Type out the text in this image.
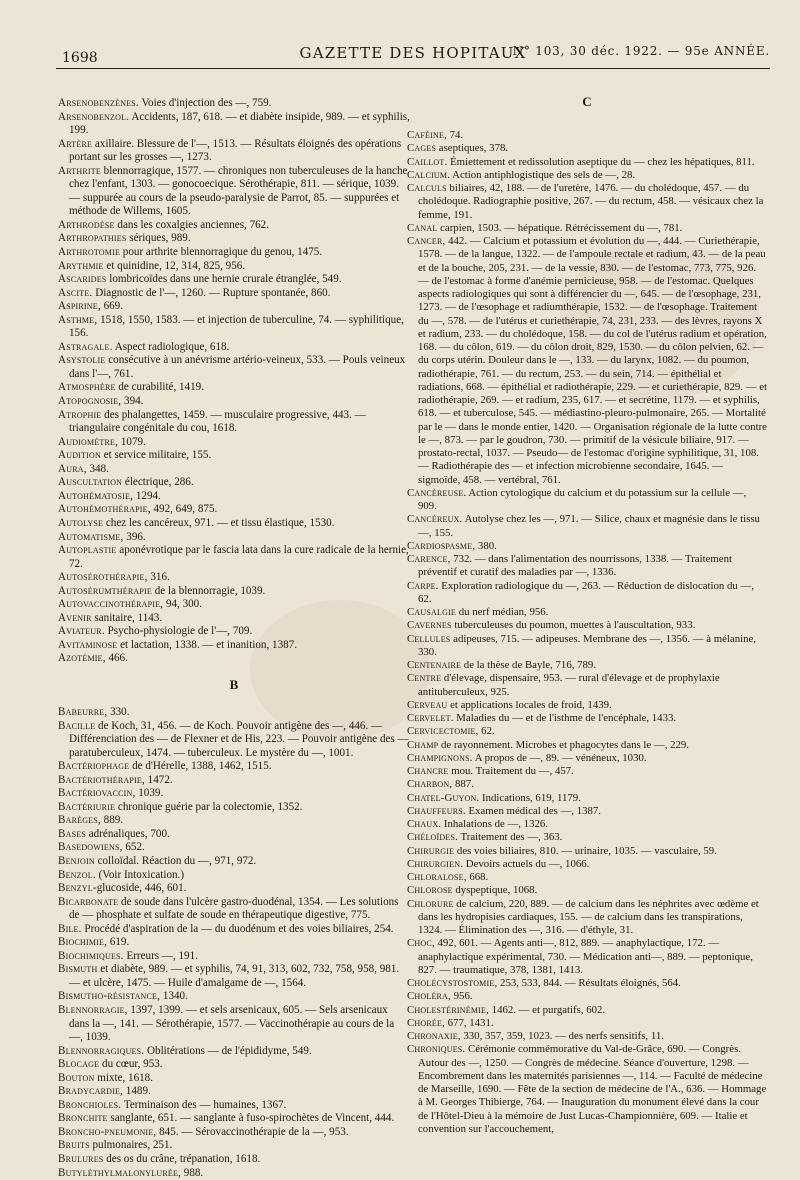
1698	GAZETTE DES HOPITAUX
N° 103, 30 déc. 1922. — 95e ANNÉE.

Arsenobenzènes. Voies d'injection des —, 759.

Arsenobenzol. Accidents, 187, 618. — et diabète insipide, 989. — et syphilis, 199.

Artère axillaire. Blessure de l'—, 1513. — Résultats éloignés des opérations portant sur les grosses —, 1273.

Arthrite blennorragique, 1577. — chroniques non tuberculeuses de la hanche chez l'enfant, 1303. — gonocoecique. Sérothérapie, 811. — sérique, 1039. — suppurée au cours de la pseudo-paralysie de Parrot, 85. — suppurées et méthode de Willems, 1605.

Arthrodèse dans les coxalgies anciennes, 762.

Arthropathies sériques, 989.

Arthrotomie pour arthrite blennorragique du genou, 1475.

Arythmie et quinidine, 12, 314, 825, 956.

Ascarides lombricoïdes dans une hernie crurale étranglée, 549.

Ascite. Diagnostic de l'—, 1260. — Rupture spontanée, 860.

Aspirine, 669.

Asthme, 1518, 1550, 1583. — et injection de tuberculine, 74. — syphilitique, 156.

Astragale. Aspect radiologique, 618.

Asystolie consécutive à un anévrisme artério-veineux, 533. — Pouls veineux dans l'—, 761.

Atmosphère de curabilité, 1419.

Atopognosie, 394.

Atrophie des phalangettes, 1459. — musculaire progressive, 443. — triangulaire congénitale du cou, 1618.

Audiomètre, 1079.

Audition et service militaire, 155.

Aura, 348.

Auscultation électrique, 286.

Autohématosie, 1294.

Autohémothérapie, 492, 649, 875.

Autolyse chez les cancéreux, 971. — et tissu élastique, 1530.

Automatisme, 396.

Autoplastie aponévrotique par le fascia lata dans la cure radicale de la hernie, 72.

Autosérothérapie, 316.

Autosérumthérapie de la blennorragie, 1039.

Autovaccinothérapie, 94, 300.

Avenir sanitaire, 1143.

Aviateur. Psycho-physiologie de l'—, 709.

Avitaminose et lactation, 1338. — et inanition, 1387.

Azotémie, 466.

B

Babeurre, 330.

Bacille de Koch, 31, 456. — de Koch. Pouvoir antigène des —, 446. — Différenciation des — de Flexner et de His, 223. — Pouvoir antigène des — paratuberculeux, 1474. — tuberculeux. Le mystère du —, 1001.

Bactériophage de d'Hérelle, 1388, 1462, 1515.

Bactériothérapie, 1472.

Bactériovaccin, 1039.

Bactériurie chronique guérie par la colectomie, 1352.

Barèges, 889.

Bases adrénaliques, 700.

Basedowiens, 652.

Benjoin colloïdal. Réaction du —, 971, 972.

Benzol. (Voir Intoxication.)

Benzyl-glucoside, 446, 601.

Bicarbonate de soude dans l'ulcère gastro-duodénal, 1354. — Les solutions de — phosphate et sulfate de soude en thérapeutique digestive, 775.

Bile. Procédé d'aspiration de la — du duodénum et des voies biliaires, 254.

Biochimie, 619.

Biochimiques. Erreurs —, 191.

Bismuth et diabète, 989. — et syphilis, 74, 91, 313, 602, 732, 758, 958, 981. — et ulcère, 1475. — Huile d'amalgame de —, 1564.

Bismutho-résistance, 1340.

Blennorragie, 1397, 1399. — et sels arsenicaux, 605. — Sels arsenicaux dans la —, 141. — Sérothérapie, 1577. — Vaccinothérapie au cours de la —, 1039.

Blennorragiques. Oblitérations — de l'épididyme, 549.

Blocage du cœur, 953.

Bouton mixte, 1618.

Bradycardie, 1489.

Bronchioles. Terminaison des — humaines, 1367.

Bronchite sanglante, 651. — sanglante à fuso-spirochètes de Vincent, 444.

Broncho-pneumonie, 845. — Sérovaccinothérapie de la —, 953.

Bruits pulmonaires, 251.

Brulures des os du crâne, trépanation, 1618.

Butyléthylmalonylurée, 988.

C

Caféine, 74.

Cages aseptiques, 378.

Caillot. Émiettement et redissolution aseptique du — chez les hépatiques, 811.

Calcium. Action antiphlogistique des sels de —, 28.

Calculs biliaires, 42, 188. — de l'uretère, 1476. — du cholédoque, 457. — du cholédoque. Radiographie positive, 267. — du rectum, 458. — vésicaux chez la femme, 191.

Canal carpien, 1503. — hépatique. Rétrécissement du —, 781.

Cancer, 442. — Calcium et potassium et évolution du —, 444. — Curiethérapie, 1578. — de la langue, 1322. — de l'ampoule rectale et radium, 43. — de la peau et de la bouche, 205, 231. — de la vessie, 830. — de l'estomac, 773, 775, 926. — de l'estomac à forme d'anémie pernicieuse, 958. — de l'estomac. Quelques aspects radiologiques qui sont à différencier du —, 645. — de l'œsophage, 231, 1273. — de l'œsophage et radiumthérapie, 1532. — de l'œsophage. Traitement du —, 578. — de l'utérus et curiethérapie, 74, 231, 233. — des lèvres, rayons X et radium, 233. — du cholédoque, 158. — du col de l'utérus radium et opération, 168. — du côlon, 619. — du côlon droit, 829, 1530. — du côlon pelvien, 62. — du corps utérin. Douleur dans le —, 133. — du larynx, 1082. — du poumon, radiothérapie, 761. — du rectum, 253. — du sein, 714. — épithélial et radiations, 668. — épithélial et radiothérapie, 229. — et curiethérapie, 829. — et radiothérapie, 269. — et radium, 235, 617. — et secrétine, 1179. — et syphilis, 618. — et tuberculose, 545. — médiastino-pleuro-pulmonaire, 265. — Mortalité par le — dans le monde entier, 1420. — Organisation régionale de la lutte contre le —, 873. — par le goudron, 730. — primitif de la vésicule biliaire, 917. — prostato-rectal, 1037. — Pseudo— de l'estomac d'origine syphilitique, 31, 108. — Radiothérapie des — et infection microbienne secondaire, 1645. — sigmoïde, 458. — vertébral, 761.

Cancéreuse. Action cytologique du calcium et du potassium sur la cellule —, 909.

Cancéreux. Autolyse chez les —, 971. — Silice, chaux et magnésie dans le tissu —, 155.

Cardiospasme, 380.

Carence, 732. — dans l'alimentation des nourrissons, 1338. — Traitement préventif et curatif des maladies par —, 1336.

Carpe. Exploration radiologique du —, 263. — Réduction de dislocation du —, 62.

Causalgie du nerf médian, 956.

Cavernes tuberculeuses du poumon, muettes à l'auscultation, 933.

Cellules adipeuses, 715. — adipeuses. Membrane des —, 1356. — à mélanine, 330.

Centenaire de la thèse de Bayle, 716, 789.

Centre d'élevage, dispensaire, 953. — rural d'élevage et de prophylaxie antituberculeux, 925.

Cerveau et applications locales de froid, 1439.

Cervelet. Maladies du — et de l'isthme de l'encéphale, 1433.

Cervicectomie, 62.

Champ de rayonnement. Microbes et phagocytes dans le —, 229.

Champignons. A propos de —, 89. — vénéneux, 1030.

Chancre mou. Traitement du —, 457.

Charbon, 887.

Chatel-Guyon. Indications, 619, 1179.

Chauffeurs. Examen médical des —, 1387.

Chaux. Inhalations de —, 1326.

Chéloïdes. Traitement des —, 363.

Chirurgie des voies biliaires, 810. — urinaire, 1035. — vasculaire, 59.

Chirurgien. Devoirs actuels du —, 1066.

Chloralose, 668.

Chlorose dyspeptique, 1068.

Chlorure de calcium, 220, 889. — de calcium dans les néphrites avec œdème et dans les hydropisies cardiaques, 155. — de calcium dans les transpirations, 1324. — Élimination des —, 316. — d'éthyle, 31.

Choc, 492, 601. — Agents anti—, 812, 889. — anaphylactique, 172. — anaphylactique expérimental, 730. — Médication anti—, 889. — peptonique, 827. — traumatique, 378, 1381, 1413.

Cholécystostomie, 253, 533, 844. — Résultats éloignés, 564.

Choléra, 956.

Cholestérinémie, 1462. — et purgatifs, 602.

Chorée, 677, 1431.

Chronaxie, 330, 357, 359, 1023. — des nerfs sensitifs, 11.

Chroniques. Cérémonie commémorative du Val-de-Grâce, 690. — Congrès. Autour des —, 1250. — Congrès de médecine. Séance d'ouverture, 1298. — Encombrement dans les maternités parisiennes —, 114. — Faculté de médecine de Marseille, 1690. — Fête de la section de médecine de l'A., 636. — Hommage à M. Georges Thibierge, 764. — Inauguration du monument élevé dans la cour de l'Hôtel-Dieu à la mémoire de Just Lucas-Championnière, 609. — Italie et convention sur l'accouchement,
